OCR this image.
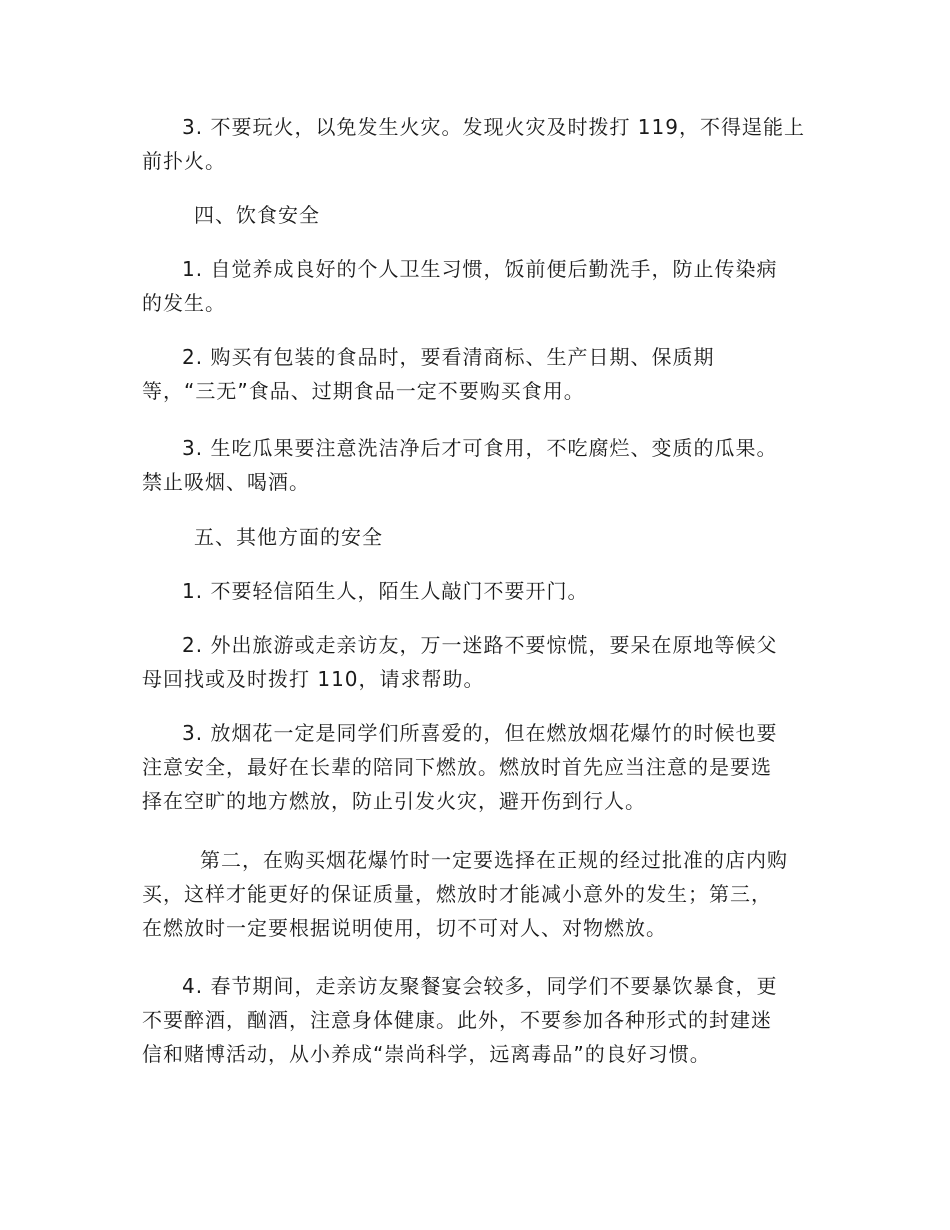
3. 不要玩火，以免发生火灾。发现火灾及时拨打 119，不得逞能上
前扑火。

四、饮食安全

1. 自觉养成良好的个人卫生习惯，饭前便后勤洗手，防止传染病
的发生。

2. 购买有包装的食品时，要看清商标、生产日期、保质期
等，“三无”食品、过期食品一定不要购买食用。

3. 生吃瓜果要注意洗洁净后才可食用，不吃腐烂、变质的瓜果。
禁止吸烟、喝酒。

五、其他方面的安全

1. 不要轻信陌生人，陌生人敲门不要开门。

2. 外出旅游或走亲访友，万一迷路不要惊慌，要呆在原地等候父
母回找或及时拨打 110，请求帮助。

3. 放烟花一定是同学们所喜爱的，但在燃放烟花爆竹的时候也要
注意安全，最好在长辈的陪同下燃放。燃放时首先应当注意的是要选
择在空旷的地方燃放，防止引发火灾，避开伤到行人。

第二，在购买烟花爆竹时一定要选择在正规的经过批准的店内购
买，这样才能更好的保证质量，燃放时才能减小意外的发生；第三，
在燃放时一定要根据说明使用，切不可对人、对物燃放。

4. 春节期间，走亲访友聚餐宴会较多，同学们不要暴饮暴食，更
不要醉酒，酗酒，注意身体健康。此外，不要参加各种形式的封建迷
信和赌博活动，从小养成“崇尚科学，远离毒品”的良好习惯。
